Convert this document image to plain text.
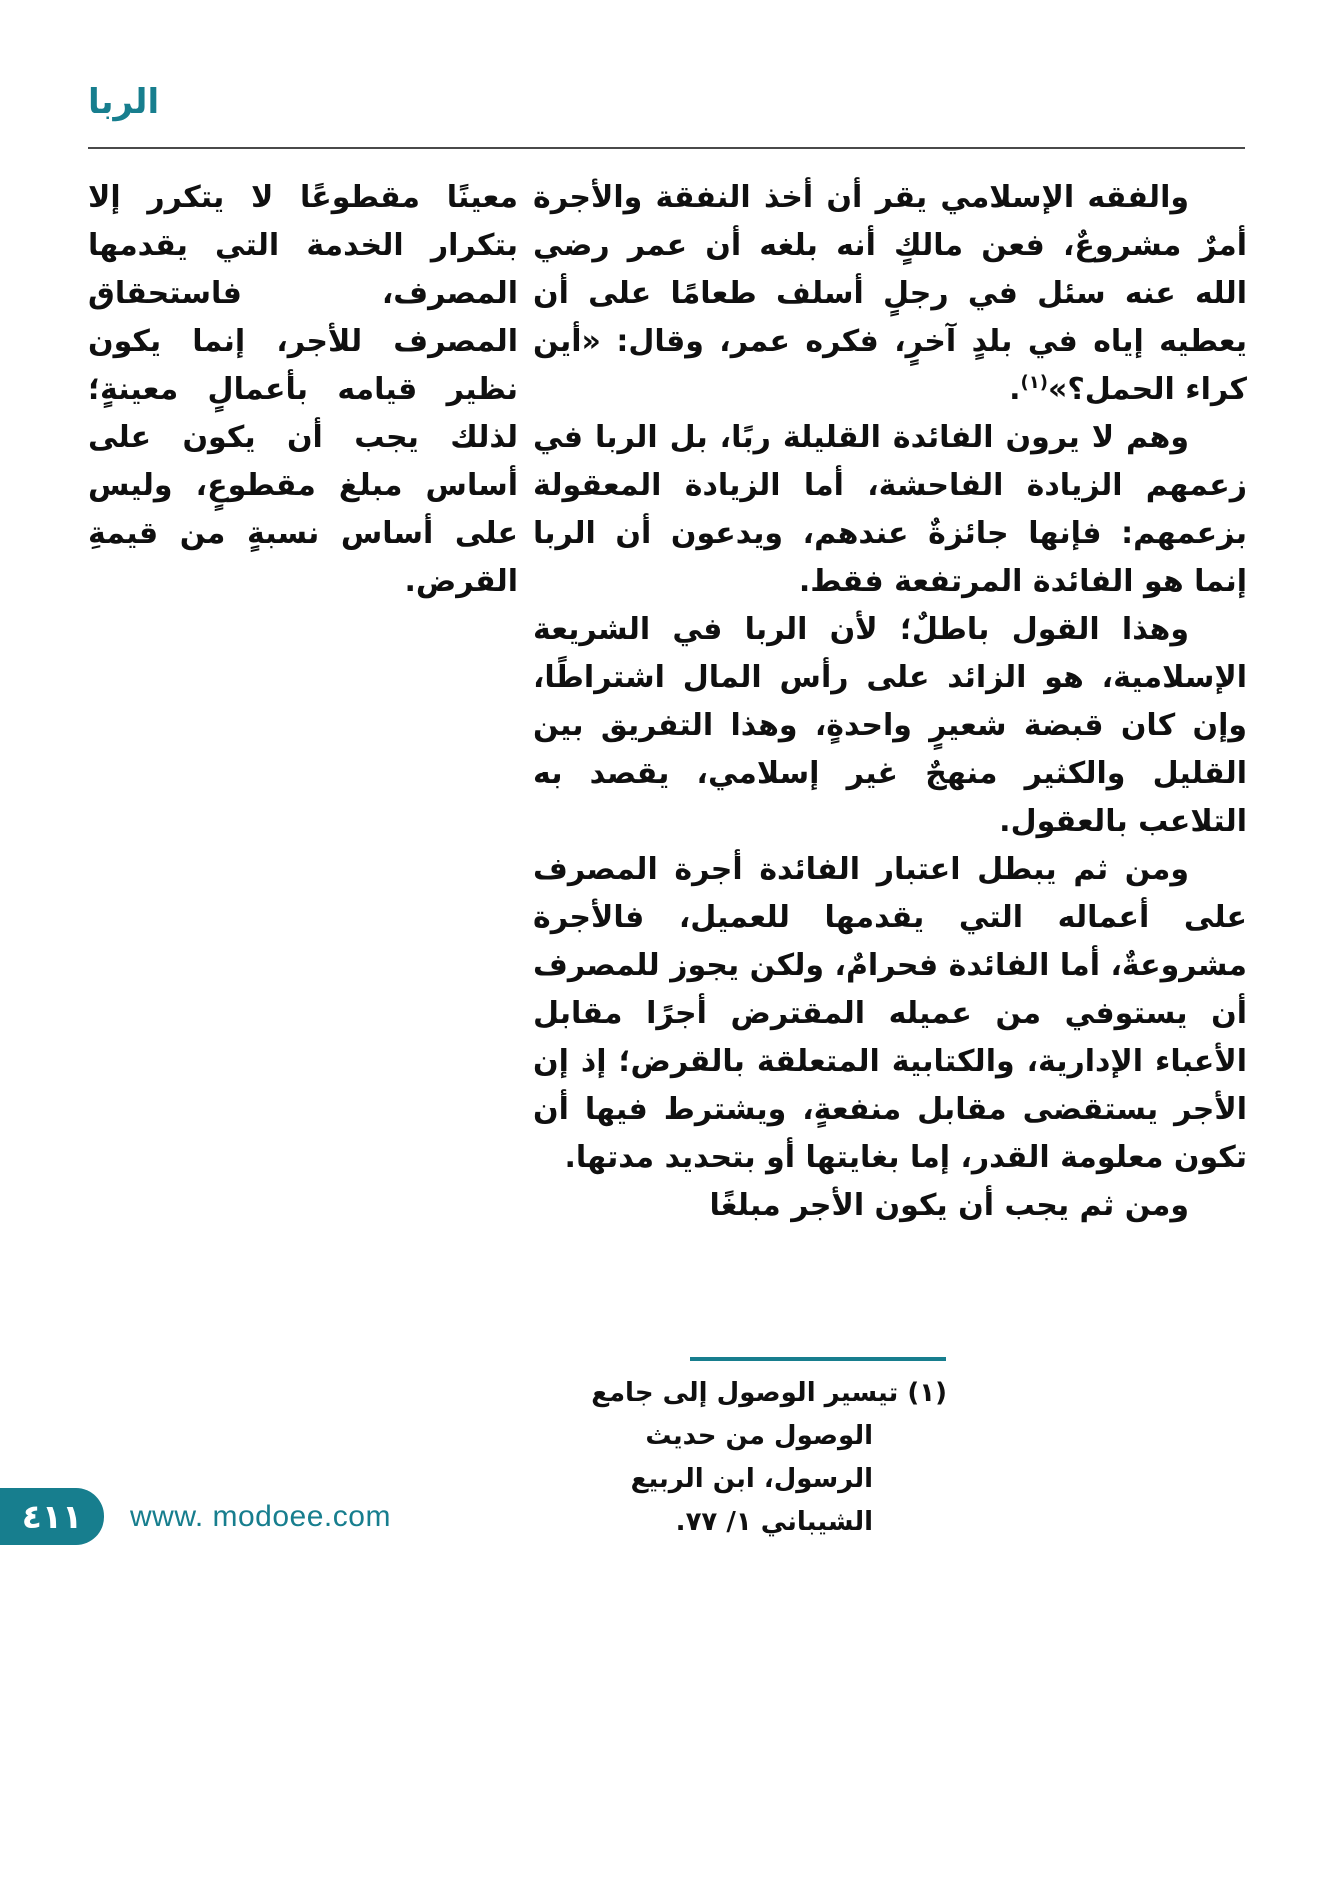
الربا

والفقه الإسلامي يقر أن أخذ النفقة والأجرة أمرٌ مشروعٌ، فعن مالكٍ أنه بلغه أن عمر رضي الله عنه سئل في رجلٍ أسلف طعامًا على أن يعطيه إياه في بلدٍ آخرٍ، فكره عمر، وقال: «أين كراء الحمل؟»$^{(١)}$.

وهم لا يرون الفائدة القليلة ربًا، بل الربا في زعمهم الزيادة الفاحشة، أما الزيادة المعقولة بزعمهم: فإنها جائزةٌ عندهم، ويدعون أن الربا إنما هو الفائدة المرتفعة فقط.

وهذا القول باطلٌ؛ لأن الربا في الشريعة الإسلامية، هو الزائد على رأس المال اشتراطًا، وإن كان قبضة شعيرٍ واحدةٍ، وهذا التفريق بين القليل والكثير منهجٌ غير إسلامي، يقصد به التلاعب بالعقول.

ومن ثم يبطل اعتبار الفائدة أجرة المصرف على أعماله التي يقدمها للعميل، فالأجرة مشروعةٌ، أما الفائدة فحرامٌ، ولكن يجوز للمصرف أن يستوفي من عميله المقترض أجرًا مقابل الأعباء الإدارية، والكتابية المتعلقة بالقرض؛ إذ إن الأجر يستقضى مقابل منفعةٍ، ويشترط فيها أن تكون معلومة القدر، إما بغايتها أو بتحديد مدتها.

ومن ثم يجب أن يكون الأجر مبلغًا

معينًا مقطوعًا لا يتكرر إلا بتكرار الخدمة التي يقدمها المصرف، فاستحقاق المصرف للأجر، إنما يكون نظير قيامه بأعمالٍ معينةٍ؛ لذلك يجب أن يكون على أساس مبلغ مقطوعٍ، وليس على أساس نسبةٍ من قيمةِ القرض.

(١) تيسير الوصول إلى جامع الوصول من حديث الرسول، ابن الربيع الشيباني ١/ ٧٧.
٤١١ www. modoee.com
